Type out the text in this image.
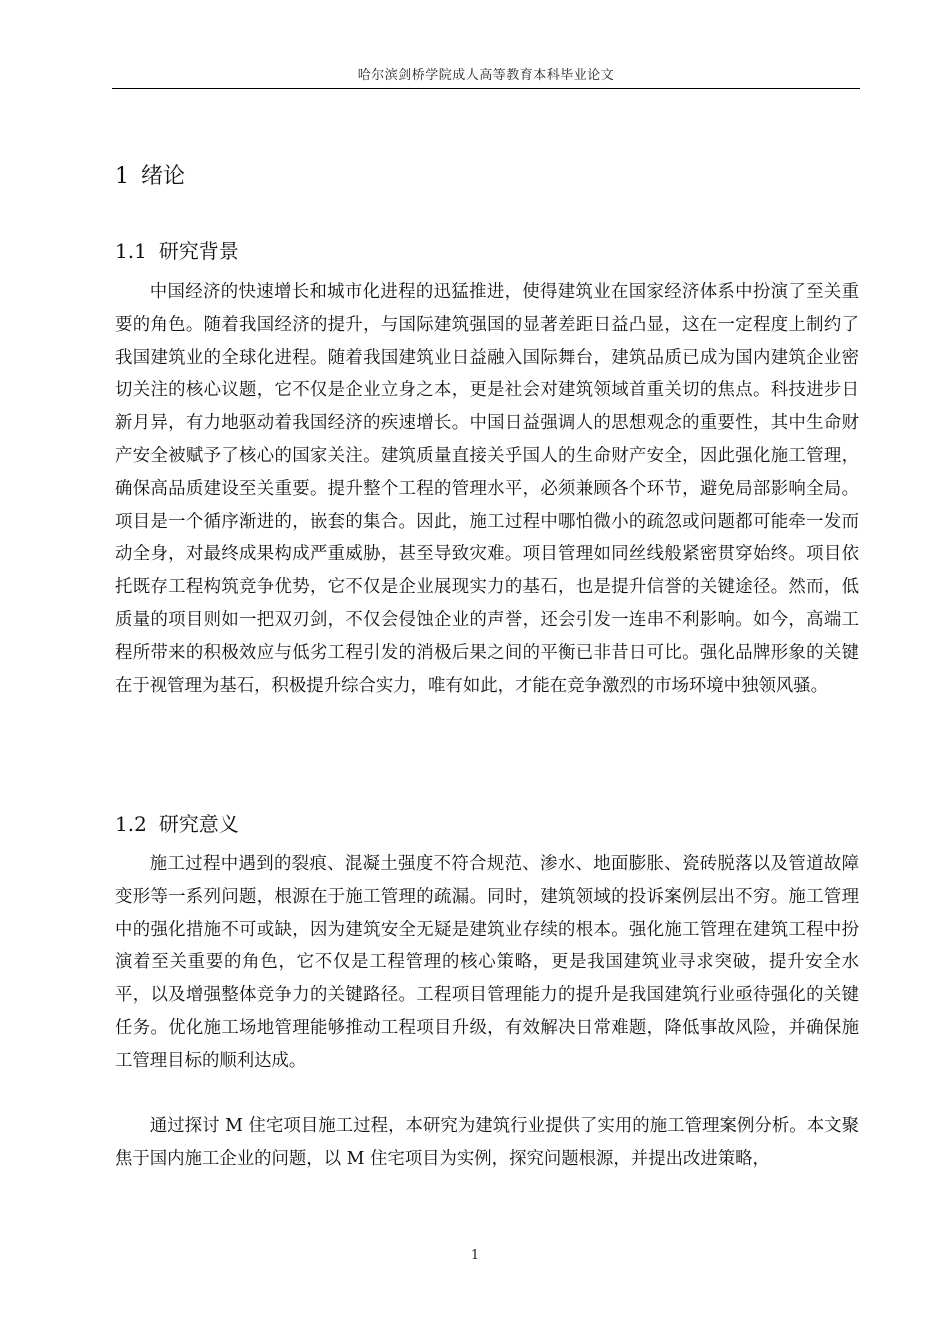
哈尔滨剑桥学院成人高等教育本科毕业论文
1 绪论
1.1 研究背景

中国经济的快速增长和城市化进程的迅猛推进，使得建筑业在国家经济体系中扮演了至关重要的角色。随着我国经济的提升，与国际建筑强国的显著差距日益凸显，这在一定程度上制约了我国建筑业的全球化进程。随着我国建筑业日益融入国际舞台，建筑品质已成为国内建筑企业密切关注的核心议题，它不仅是企业立身之本，更是社会对建筑领域首重关切的焦点。科技进步日新月异，有力地驱动着我国经济的疾速增长。中国日益强调人的思想观念的重要性，其中生命财产安全被赋予了核心的国家关注。建筑质量直接关乎国人的生命财产安全，因此强化施工管理，确保高品质建设至关重要。提升整个工程的管理水平，必须兼顾各个环节，避免局部影响全局。项目是一个循序渐进的，嵌套的集合。因此，施工过程中哪怕微小的疏忽或问题都可能牵一发而动全身，对最终成果构成严重威胁，甚至导致灾难。项目管理如同丝线般紧密贯穿始终。项目依托既存工程构筑竞争优势，它不仅是企业展现实力的基石，也是提升信誉的关键途径。然而，低质量的项目则如一把双刃剑，不仅会侵蚀企业的声誉，还会引发一连串不利影响。如今，高端工程所带来的积极效应与低劣工程引发的消极后果之间的平衡已非昔日可比。强化品牌形象的关键在于视管理为基石，积极提升综合实力，唯有如此，才能在竞争激烈的市场环境中独领风骚。

1.2 研究意义

施工过程中遇到的裂痕、混凝土强度不符合规范、渗水、地面膨胀、瓷砖脱落以及管道故障变形等一系列问题，根源在于施工管理的疏漏。同时，建筑领域的投诉案例层出不穷。施工管理中的强化措施不可或缺，因为建筑安全无疑是建筑业存续的根本。强化施工管理在建筑工程中扮演着至关重要的角色，它不仅是工程管理的核心策略，更是我国建筑业寻求突破，提升安全水平，以及增强整体竞争力的关键路径。工程项目管理能力的提升是我国建筑行业亟待强化的关键任务。优化施工场地管理能够推动工程项目升级，有效解决日常难题，降低事故风险，并确保施工管理目标的顺利达成。

通过探讨 M 住宅项目施工过程，本研究为建筑行业提供了实用的施工管理案例分析。本文聚焦于国内施工企业的问题，以 M 住宅项目为实例，探究问题根源，并提出改进策略，

1
